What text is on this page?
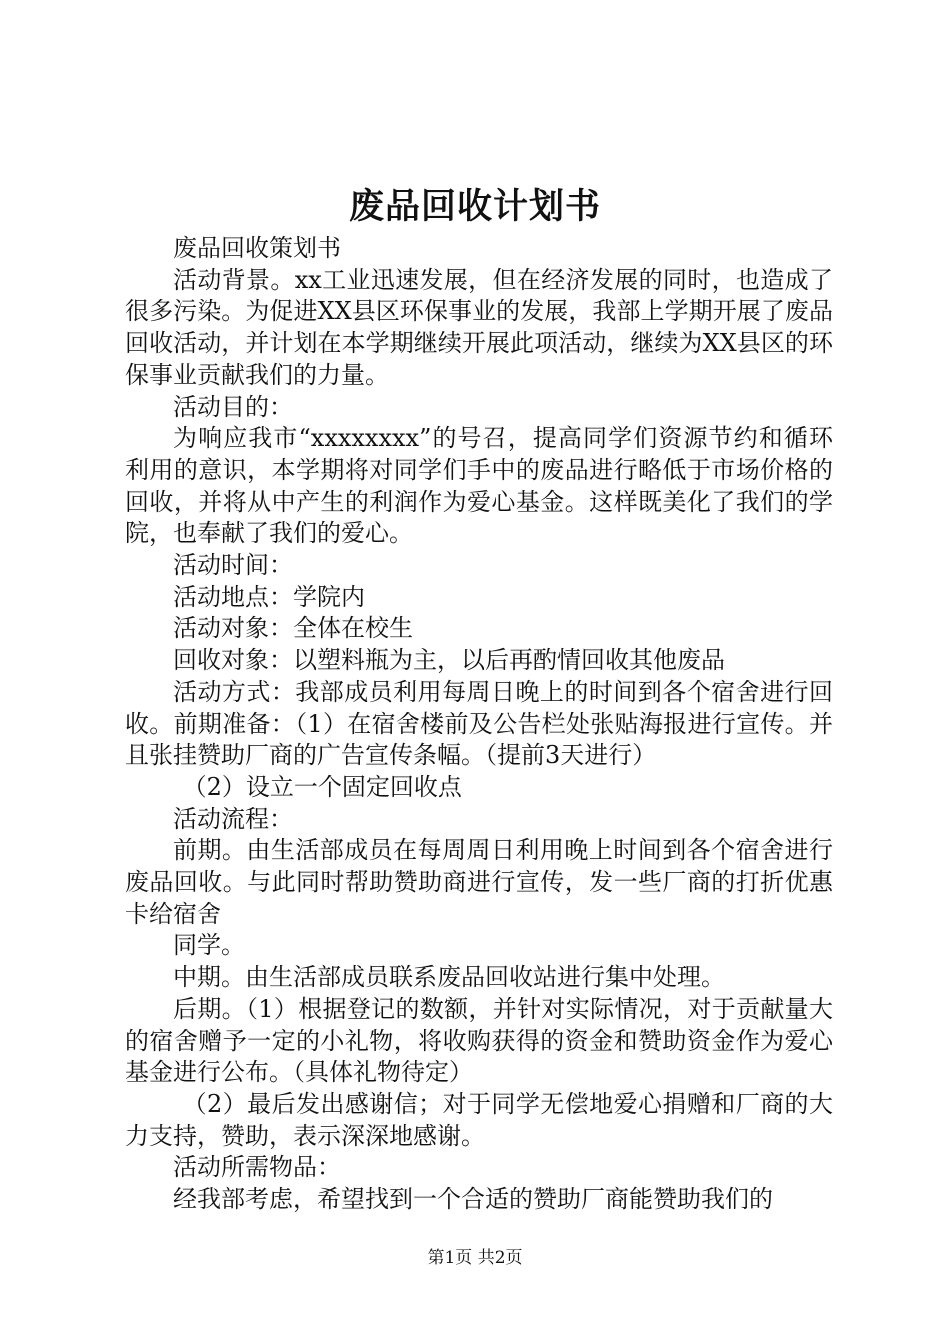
废品回收计划书

废品回收策划书

活动背景。xx工业迅速发展，但在经济发展的同时，也造成了很多污染。为促进XX县区环保事业的发展，我部上学期开展了废品回收活动，并计划在本学期继续开展此项活动，继续为XX县区的环保事业贡献我们的力量。

活动目的：

为响应我市“xxxxxxxx”的号召，提高同学们资源节约和循环利用的意识，本学期将对同学们手中的废品进行略低于市场价格的回收，并将从中产生的利润作为爱心基金。这样既美化了我们的学院，也奉献了我们的爱心。

活动时间：

活动地点：学院内

活动对象：全体在校生

回收对象：以塑料瓶为主，以后再酌情回收其他废品

活动方式：我部成员利用每周日晚上的时间到各个宿舍进行回收。前期准备：（1）在宿舍楼前及公告栏处张贴海报进行宣传。并且张挂赞助厂商的广告宣传条幅。（提前3天进行）

（2）设立一个固定回收点

活动流程：

前期。由生活部成员在每周周日利用晚上时间到各个宿舍进行废品回收。与此同时帮助赞助商进行宣传，发一些厂商的打折优惠卡给宿舍

同学。

中期。由生活部成员联系废品回收站进行集中处理。

后期。（1）根据登记的数额，并针对实际情况，对于贡献量大的宿舍赠予一定的小礼物，将收购获得的资金和赞助资金作为爱心基金进行公布。（具体礼物待定）

（2）最后发出感谢信；对于同学无偿地爱心捐赠和厂商的大力支持，赞助，表示深深地感谢。

活动所需物品：

经我部考虑，希望找到一个合适的赞助厂商能赞助我们的

第1页 共2页
